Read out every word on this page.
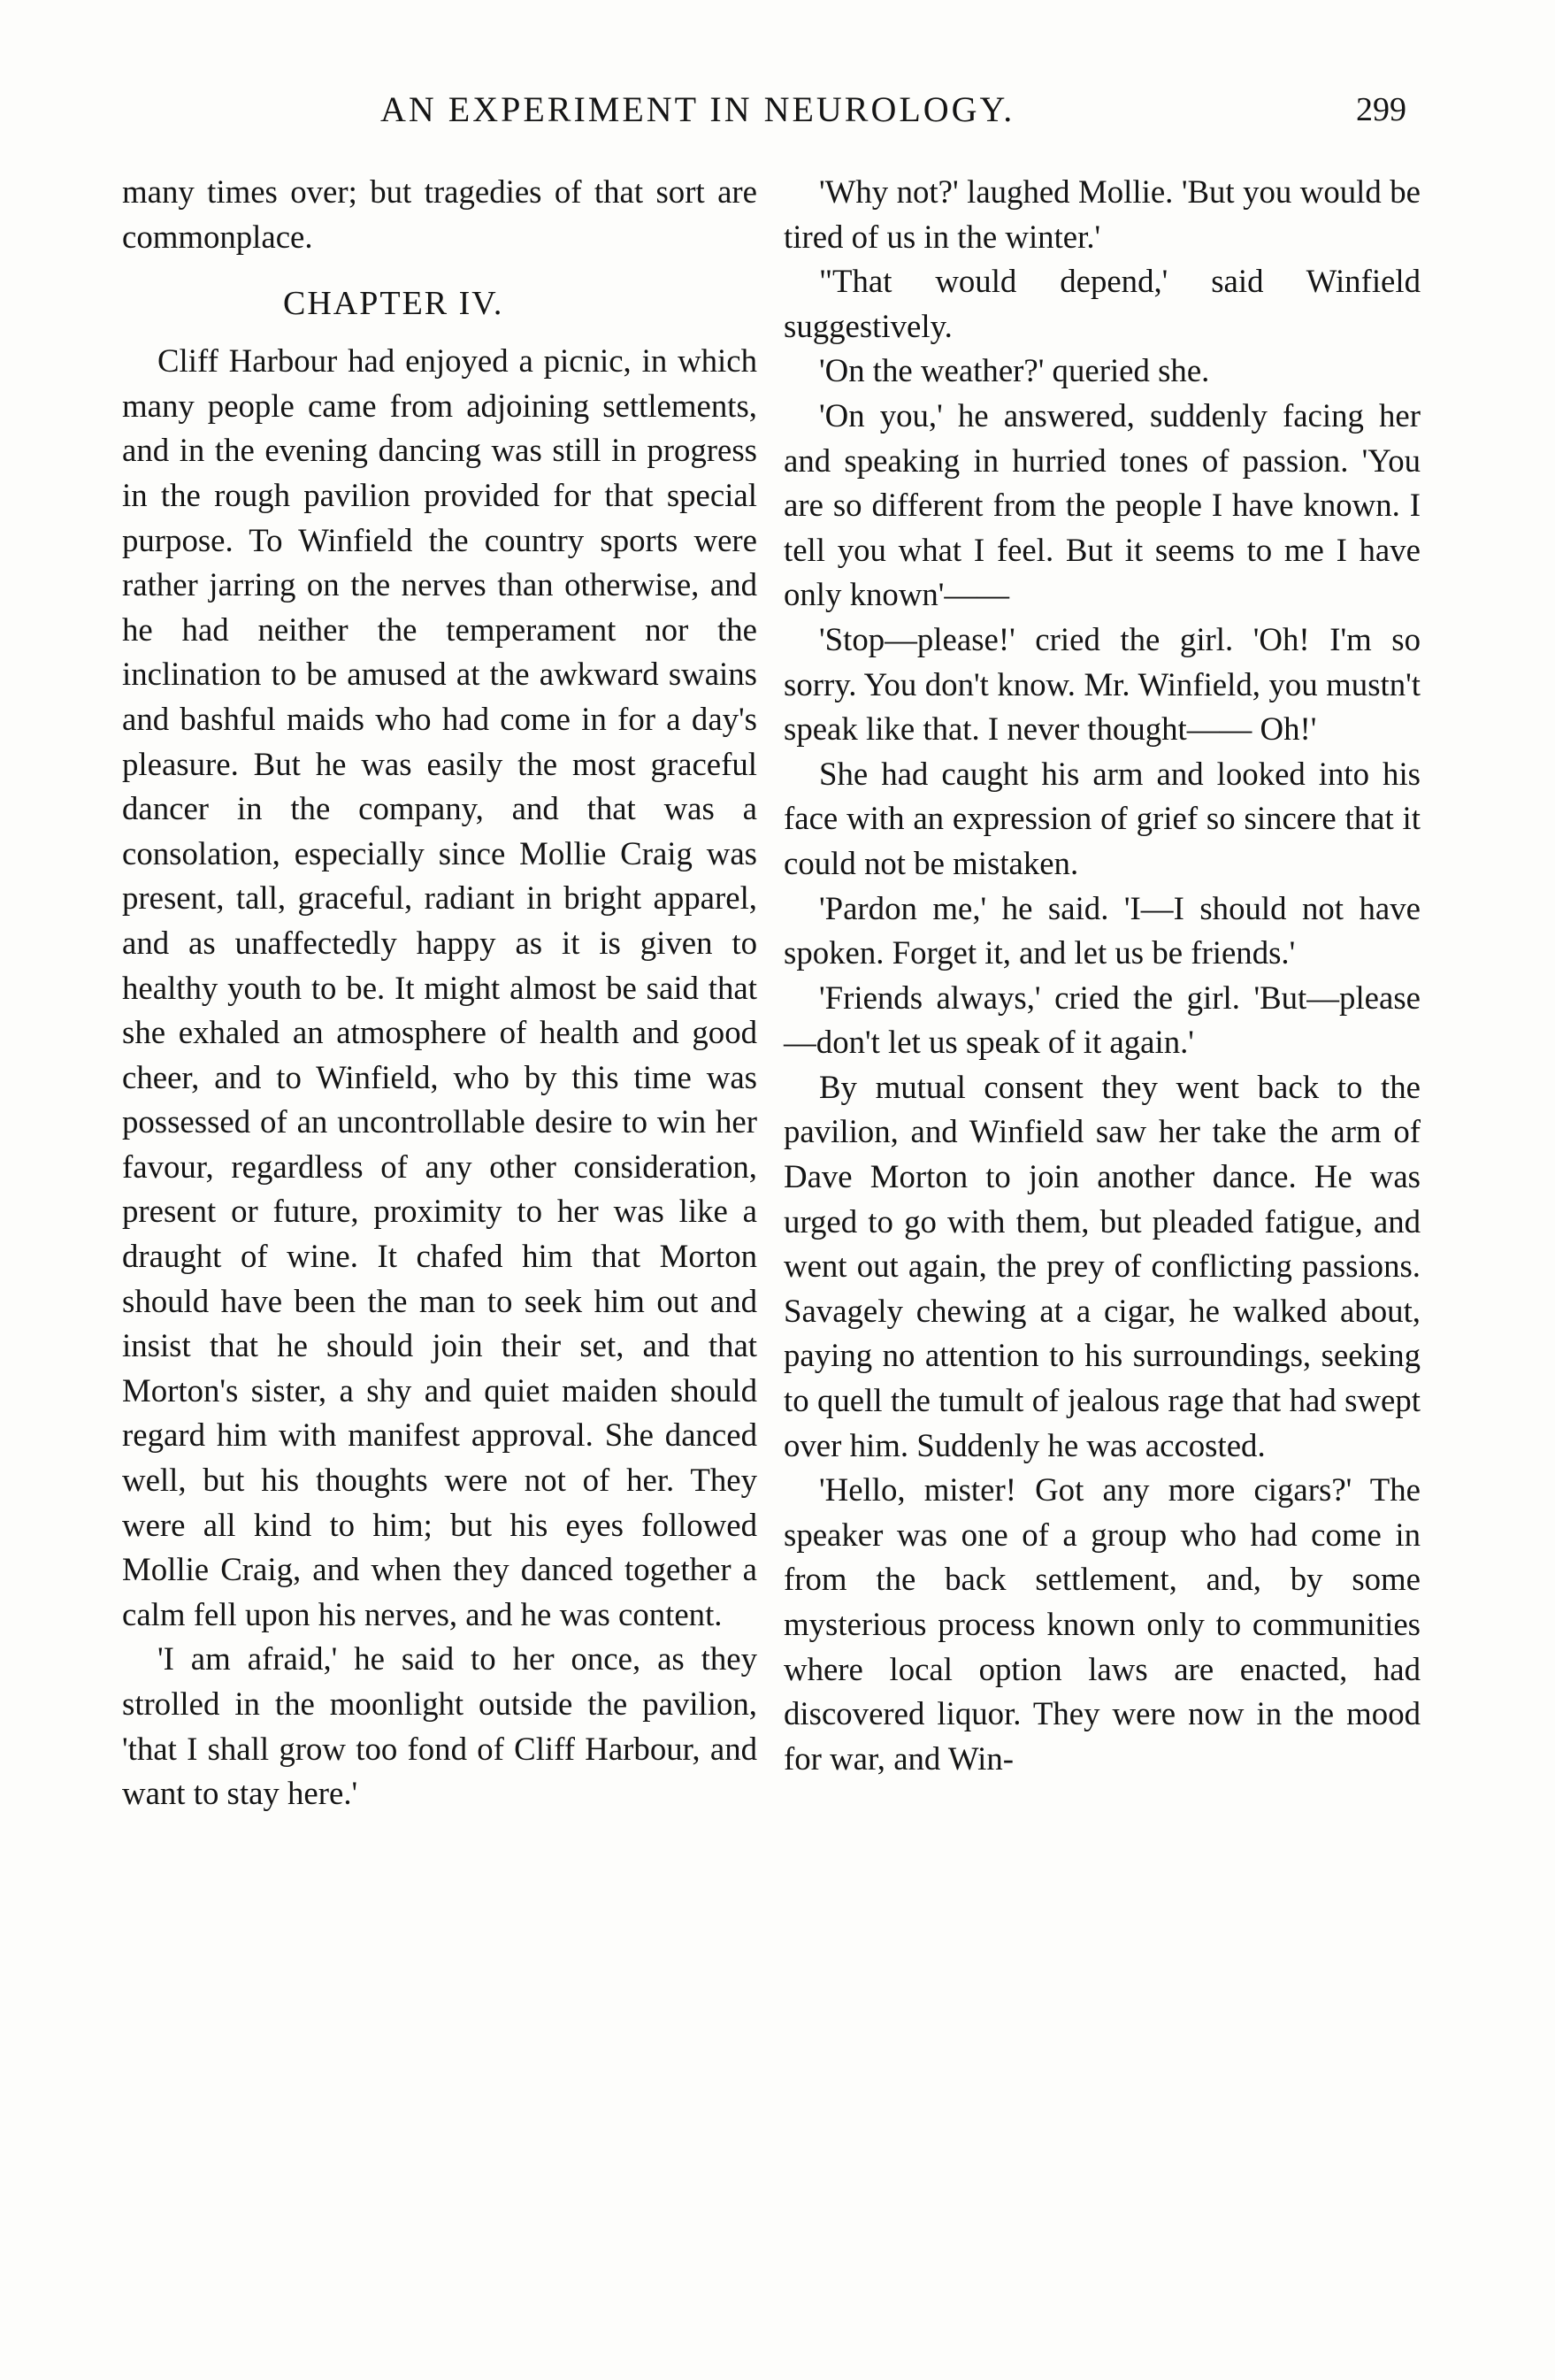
AN EXPERIMENT IN NEUROLOGY.	299

many times over; but tragedies of that sort are commonplace.

CHAPTER IV.

Cliff Harbour had enjoyed a picnic, in which many people came from adjoining settlements, and in the evening dancing was still in progress in the rough pavilion provided for that special purpose. To Winfield the country sports were rather jarring on the nerves than otherwise, and he had neither the temperament nor the inclination to be amused at the awkward swains and bashful maids who had come in for a day's pleasure. But he was easily the most graceful dancer in the company, and that was a consolation, especially since Mollie Craig was present, tall, graceful, radiant in bright apparel, and as unaffectedly happy as it is given to healthy youth to be. It might almost be said that she exhaled an atmosphere of health and good cheer, and to Winfield, who by this time was possessed of an uncontrollable desire to win her favour, regardless of any other consideration, present or future, proximity to her was like a draught of wine. It chafed him that Morton should have been the man to seek him out and insist that he should join their set, and that Morton's sister, a shy and quiet maiden should regard him with manifest approval. She danced well, but his thoughts were not of her. They were all kind to him; but his eyes followed Mollie Craig, and when they danced together a calm fell upon his nerves, and he was content.

'I am afraid,' he said to her once, as they strolled in the moonlight outside the pavilion, 'that I shall grow too fond of Cliff Harbour, and want to stay here.'

'Why not?' laughed Mollie. 'But you would be tired of us in the winter.'

"That would depend,' said Winfield suggestively.

'On the weather?' queried she.

'On you,' he answered, suddenly facing her and speaking in hurried tones of passion. 'You are so different from the people I have known. I tell you what I feel. But it seems to me I have only known'——

'Stop—please!' cried the girl. 'Oh! I'm so sorry. You don't know. Mr. Winfield, you mustn't speak like that. I never thought—— Oh!'

She had caught his arm and looked into his face with an expression of grief so sincere that it could not be mistaken.

'Pardon me,' he said. 'I—I should not have spoken. Forget it, and let us be friends.'

'Friends always,' cried the girl. 'But—please—don't let us speak of it again.'

By mutual consent they went back to the pavilion, and Winfield saw her take the arm of Dave Morton to join another dance. He was urged to go with them, but pleaded fatigue, and went out again, the prey of conflicting passions. Savagely chewing at a cigar, he walked about, paying no attention to his surroundings, seeking to quell the tumult of jealous rage that had swept over him. Suddenly he was accosted.

'Hello, mister! Got any more cigars?' The speaker was one of a group who had come in from the back settlement, and, by some mysterious process known only to communities where local option laws are enacted, had discovered liquor. They were now in the mood for war, and Win-
